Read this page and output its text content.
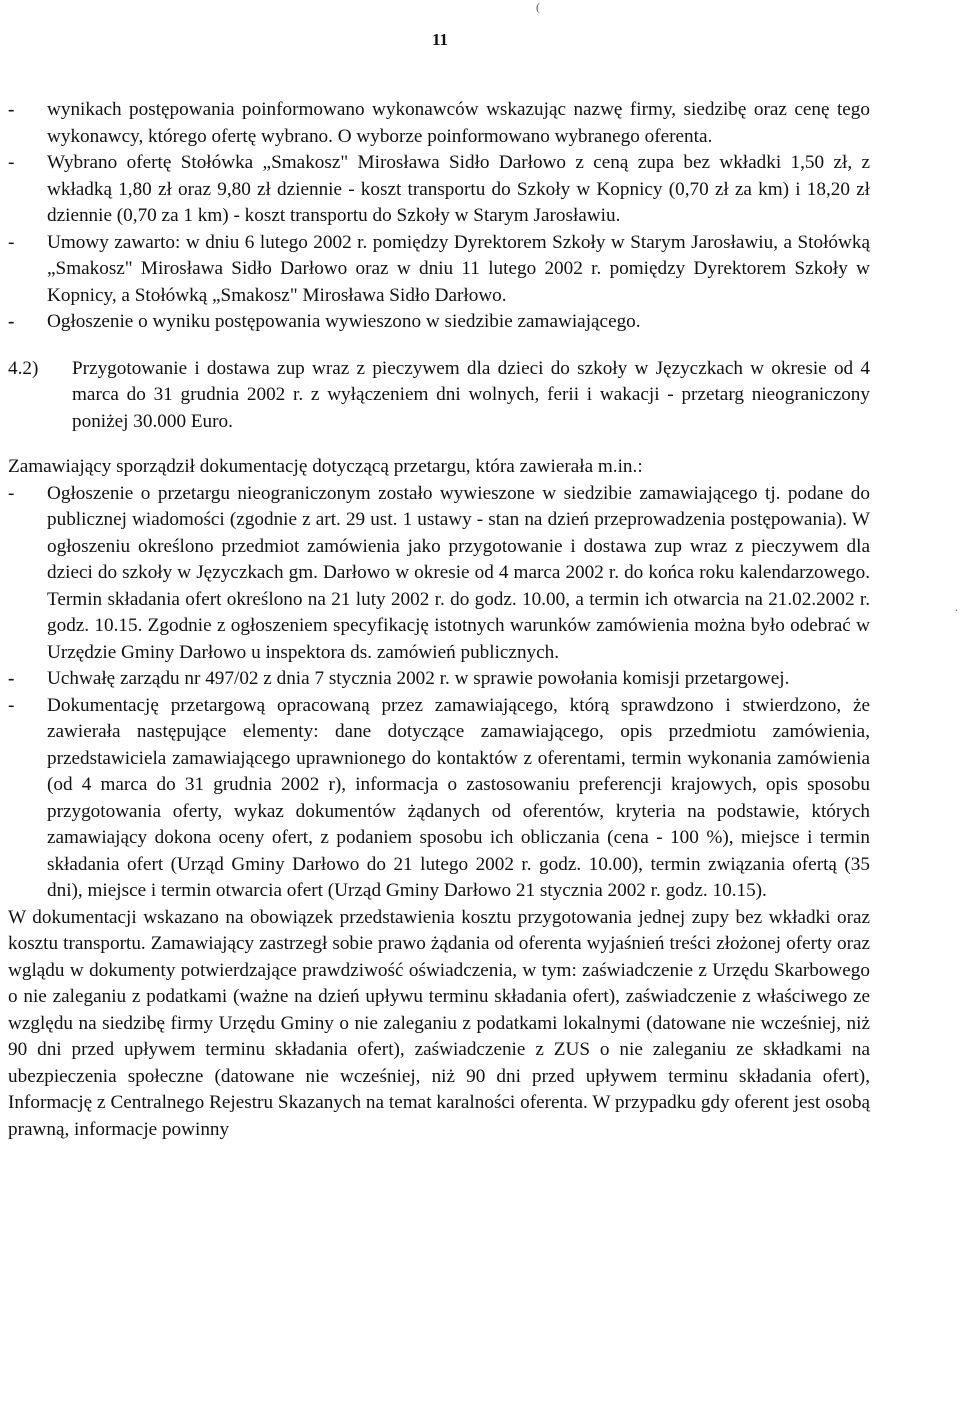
(
.
11
-	wynikach postępowania poinformowano wykonawców wskazując nazwę firmy, siedzibę oraz cenę tego wykonawcy, którego ofertę wybrano. O wyborze poinformowano wybranego oferenta.
-	Wybrano ofertę Stołówka „Smakosz" Mirosława Sidło Darłowo z ceną zupa bez wkładki 1,50 zł, z wkładką 1,80 zł oraz 9,80 zł dziennie - koszt transportu do Szkoły w Kopnicy (0,70 zł za km) i 18,20 zł dziennie (0,70 za 1 km) - koszt transportu do Szkoły w Starym Jarosławiu.
-	Umowy zawarto: w dniu 6 lutego 2002 r. pomiędzy Dyrektorem Szkoły w Starym Jarosławiu, a Stołówką „Smakosz" Mirosława Sidło Darłowo oraz w dniu 11 lutego 2002 r. pomiędzy Dyrektorem Szkoły w Kopnicy, a Stołówką „Smakosz" Mirosława Sidło Darłowo.
-	Ogłoszenie o wyniku postępowania wywieszono w siedzibie zamawiającego.
4.2)	Przygotowanie i dostawa zup wraz z pieczywem dla dzieci do szkoły w Języczkach w okresie od 4 marca do 31 grudnia 2002 r. z wyłączeniem dni wolnych, ferii i wakacji - przetarg nieograniczony poniżej 30.000 Euro.
Zamawiający sporządził dokumentację dotyczącą przetargu, która zawierała m.in.:
-	Ogłoszenie o przetargu nieograniczonym zostało wywieszone w siedzibie zamawiającego tj. podane do publicznej wiadomości (zgodnie z art. 29 ust. 1 ustawy - stan na dzień przeprowadzenia postępowania). W ogłoszeniu określono przedmiot zamówienia jako przygotowanie i dostawa zup wraz z pieczywem dla dzieci do szkoły w Języczkach gm. Darłowo w okresie od 4 marca 2002 r. do końca roku kalendarzowego. Termin składania ofert określono na 21 luty 2002 r. do godz. 10.00, a termin ich otwarcia na 21.02.2002 r. godz. 10.15. Zgodnie z ogłoszeniem specyfikację istotnych warunków zamówienia można było odebrać w Urzędzie Gminy Darłowo u inspektora ds. zamówień publicznych.
-	Uchwałę zarządu nr 497/02 z dnia 7 stycznia 2002 r. w sprawie powołania komisji przetargowej.
-	Dokumentację przetargową opracowaną przez zamawiającego, którą sprawdzono i stwierdzono, że zawierała następujące elementy: dane dotyczące zamawiającego, opis przedmiotu zamówienia, przedstawiciela zamawiającego uprawnionego do kontaktów z oferentami, termin wykonania zamówienia (od 4 marca do 31 grudnia 2002 r), informacja o zastosowaniu preferencji krajowych, opis sposobu przygotowania oferty, wykaz dokumentów żądanych od oferentów, kryteria na podstawie, których zamawiający dokona oceny ofert, z podaniem sposobu ich obliczania (cena - 100 %), miejsce i termin składania ofert (Urząd Gminy Darłowo do 21 lutego 2002 r. godz. 10.00), termin związania ofertą (35 dni), miejsce i termin otwarcia ofert (Urząd Gminy Darłowo 21 stycznia 2002 r. godz. 10.15).
W dokumentacji wskazano na obowiązek przedstawienia kosztu przygotowania jednej zupy bez wkładki oraz kosztu transportu. Zamawiający zastrzegł sobie prawo żądania od oferenta wyjaśnień treści złożonej oferty oraz wglądu w dokumenty potwierdzające prawdziwość oświadczenia, w tym: zaświadczenie z Urzędu Skarbowego o nie zaleganiu z podatkami (ważne na dzień upływu terminu składania ofert), zaświadczenie z właściwego ze względu na siedzibę firmy Urzędu Gminy o nie zaleganiu z podatkami lokalnymi (datowane nie wcześniej, niż 90 dni przed upływem terminu składania ofert), zaświadczenie z ZUS o nie zaleganiu ze składkami na ubezpieczenia społeczne (datowane nie wcześniej, niż 90 dni przed upływem terminu składania ofert), Informację z Centralnego Rejestru Skazanych na temat karalności oferenta. W przypadku gdy oferent jest osobą prawną, informacje powinny
